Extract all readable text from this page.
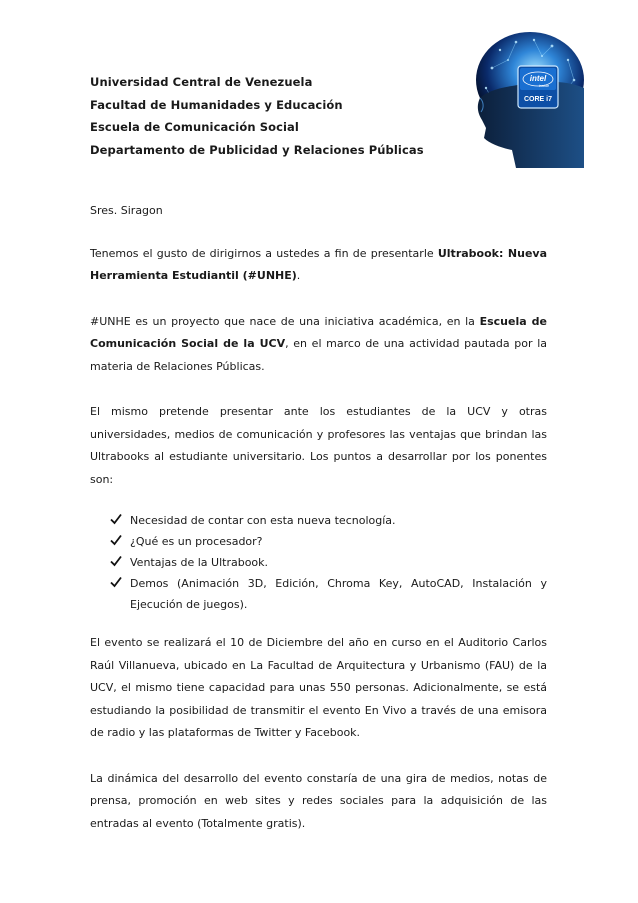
Universidad Central de Venezuela
Facultad de Humanidades y Educación
Escuela de Comunicación Social
Departamento de Publicidad y Relaciones Públicas
intel
inside
CORE i7

Sres. Siragon

Tenemos el gusto de dirigirnos a ustedes a fin de presentarle Ultrabook: Nueva Herramienta Estudiantil (#UNHE).

#UNHE es un proyecto que nace de una iniciativa académica, en la Escuela de Comunicación Social de la UCV, en el marco de una actividad pautada por la materia de Relaciones Públicas.

El mismo pretende presentar ante los estudiantes de la UCV y otras universidades, medios de comunicación y profesores las ventajas que brindan las Ultrabooks al estudiante universitario. Los puntos a desarrollar por los ponentes son:

Necesidad de contar con esta nueva tecnología.
¿Qué es un procesador?
Ventajas de la Ultrabook.
Demos (Animación 3D, Edición, Chroma Key, AutoCAD, Instalación y Ejecución de juegos).

El evento se realizará el 10 de Diciembre del año en curso en el Auditorio Carlos Raúl Villanueva, ubicado en La Facultad de Arquitectura y Urbanismo (FAU) de la UCV, el mismo tiene capacidad para unas 550 personas. Adicionalmente, se está estudiando la posibilidad de transmitir el evento En Vivo a través de una emisora de radio y las plataformas de Twitter y Facebook.

La dinámica del desarrollo del evento constaría de una gira de medios, notas de prensa, promoción en web sites y redes sociales para la adquisición de las entradas al evento (Totalmente gratis).
